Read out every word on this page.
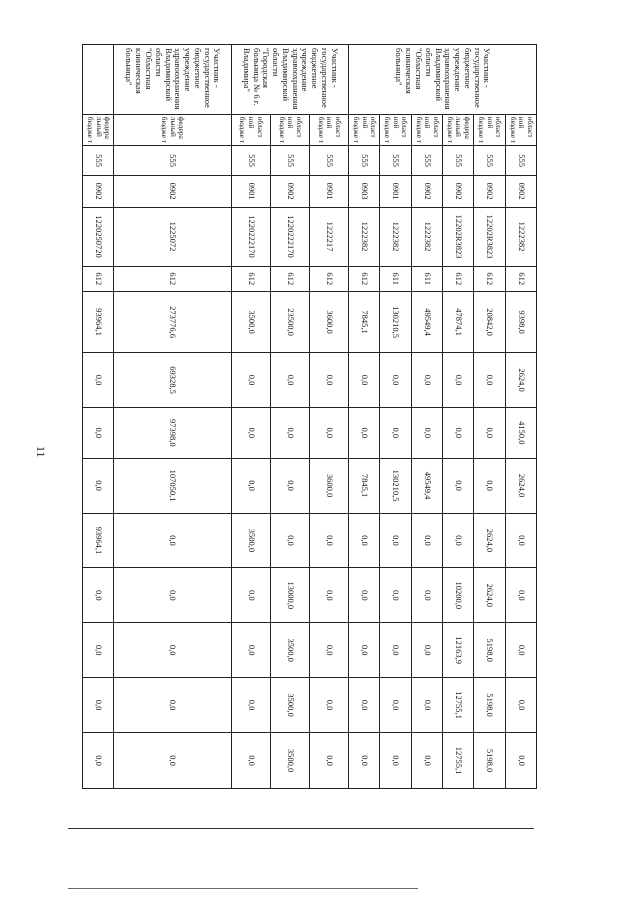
11
Участник - государственное бюджетное учреждение здравоохранения Владимирской области "Областная клиническая больница"	област ной бюдже т	555	0902	1222382	612	9398,0	2624,0	4150,0	2624,0	0,0	0,0	0,0	0,0	0,0
	област ной бюдже т	555	0902	12202R3823	612	20842,0	0,0	0,0	0,0	2624,0	2624,0	5198,0	5198,0	5198,0
	федера льный бюдже т	555	0902	12202R3823	612	47874,1	0,0	0,0	0,0	0,0	10200,0	12163,9	12755,1	12755,1
	област ной бюдже т	555	0902	1222382	611	49549,4	0,0	0,0	49549,4	0,0	0,0	0,0	0,0	0,0
	област ной бюдже т	555	0901	1222382	611	130210,5	0,0	0,0	130210,5	0,0	0,0	0,0	0,0	0,0
	област ной бюдже т	555	0903	1222382	612	7845,1	0,0	0,0	7845,1	0,0	0,0	0,0	0,0	0,0
Участник - государственное бюджетное учреждение здравоохранения Владимирской области "Городская больница № 6 г. Владимира"	област ной бюдже т	555	0901	1222217	612	3600,0	0,0	0,0	3600,0	0,0	0,0	0,0	0,0	0,0
	област ной бюдже т	555	0902	1220222170	612	23500,0	0,0	0,0	0,0	0,0	13000,0	3500,0	3500,0	3500,0
	област ной бюдже т	555	0901	1220222170	612	3500,0	0,0	0,0	0,0	3500,0	0,0	0,0	0,0	0,0
Участник - государственное бюджетное учреждение здравоохранения Владимирской области "Областная клиническая больница"	федера льный бюдже т	555	0902	1225072	612	273776,6	69328,5	97398,0	107050,1	0,0	0,0	0,0	0,0	0,0
	федера льный бюдже т	555	0902	1220250720	612	93964,1	0,0	0,0	0,0	93964,1	0,0	0,0	0,0	0,0
